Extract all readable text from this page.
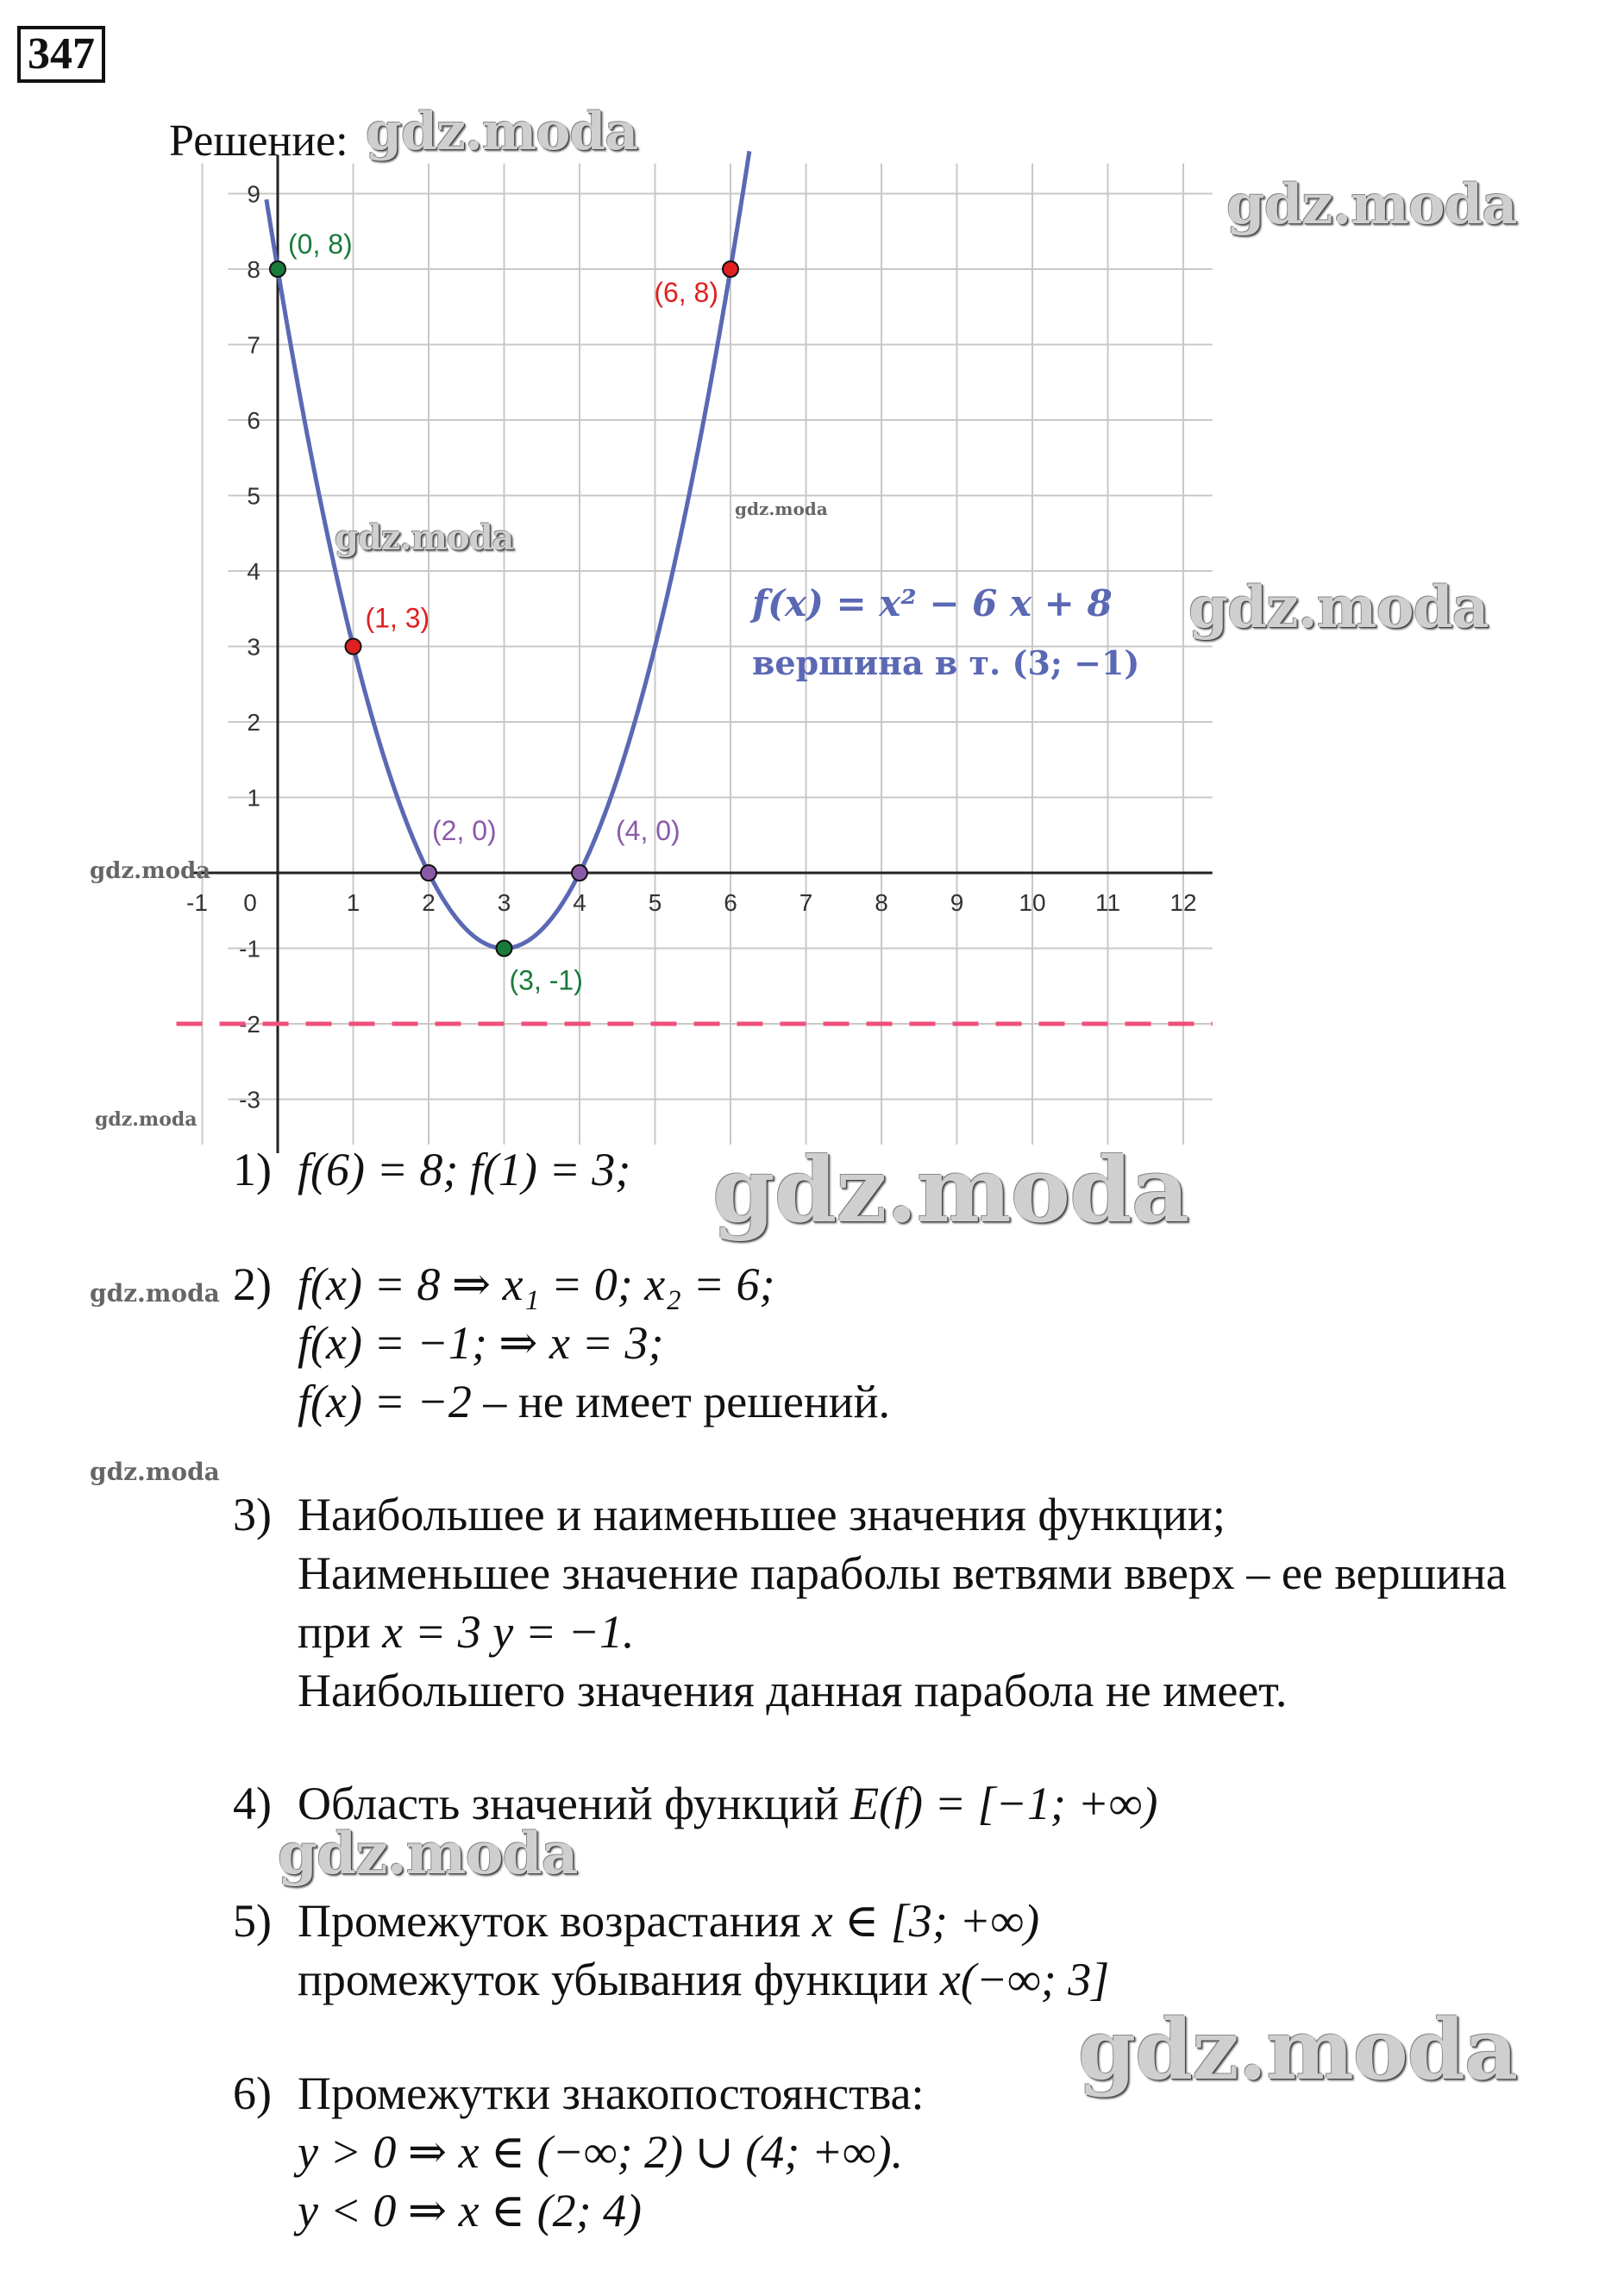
347
Решение:
-1 0	1	2	3	4	5	6	7	8	9 10 11 12
-3
-2
-1
1
2
3
4
5
6
7
8
9
(0, 8)
(6, 8)
(1, 3)
(2, 0)	(4, 0)
(3, -1)
f(x) = x² − 6 x + 8
вершина в т. (3; −1)
gdz.moda
gdz.moda
gdz.moda
gdz.moda
gdz.moda
gdz.moda
gdz.moda
gdz.moda
gdz.moda
gdz.moda
gdz.moda
gdz.moda
1) f(6) = 8; f(1) = 3;
2) f(x) = 8 ⇒ x₁ = 0; x₂ = 6;
f(x) = −1; ⇒ x = 3;
f(x) = −2 – не имеет решений.
3) Наибольшее и наименьшее значения функции;
Наименьшее значение параболы ветвями вверх – ее вершина
при x = 3 y = −1.
Наибольшего значения данная парабола не имеет.
4) Область значений функций E(f) = [−1; +∞)
5) Промежуток возрастания x ∈ [3; +∞)
промежуток убывания функции x(−∞; 3]
6) Промежутки знакопостоянства:
y > 0 ⇒ x ∈ (−∞; 2) ∪ (4; +∞).
y < 0 ⇒ x ∈ (2; 4)
